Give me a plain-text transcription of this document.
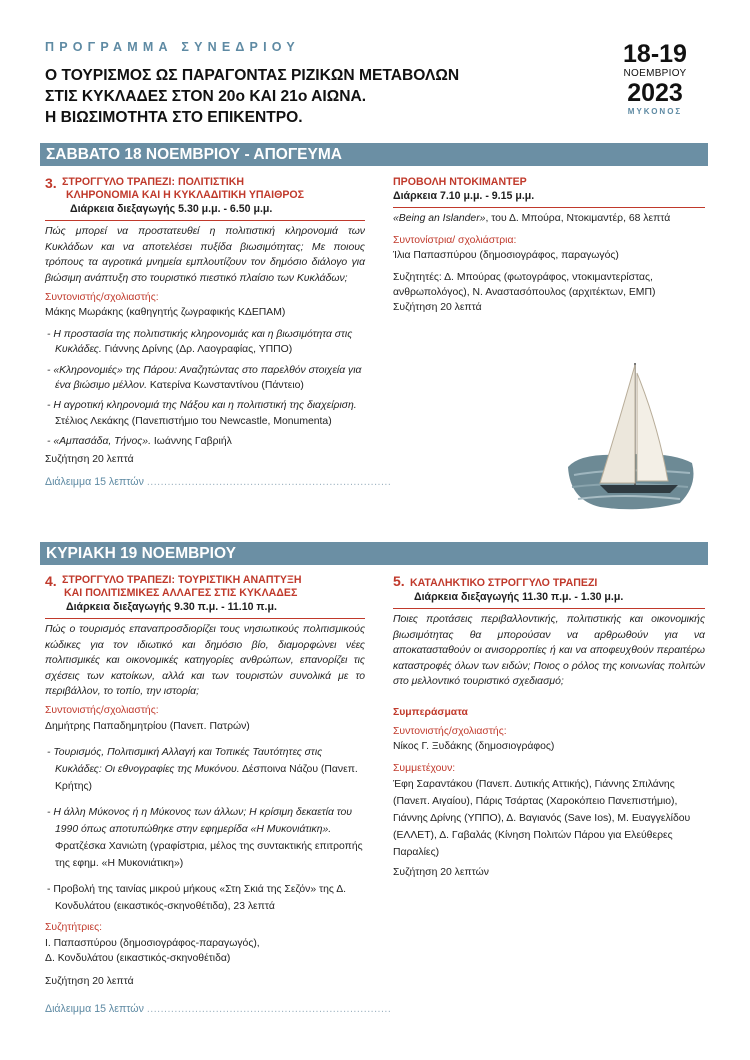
ΠΡΟΓΡΑΜΜΑ ΣΥΝΕΔΡΙΟΥ
Ο ΤΟΥΡΙΣΜΟΣ ΩΣ ΠΑΡΑΓΟΝΤΑΣ ΡΙΖΙΚΩΝ ΜΕΤΑΒΟΛΩΝ
ΣΤΙΣ ΚΥΚΛΑΔΕΣ ΣΤΟΝ 20ο ΚΑΙ 21ο ΑΙΩΝΑ.
Η ΒΙΩΣΙΜΟΤΗΤΑ ΣΤΟ ΕΠΙΚΕΝΤΡΟ.
18-19
ΝΟΕΜΒΡΙΟΥ
2023
ΜΥΚΟΝΟΣ
ΣΑΒΒΑΤΟ 18 ΝΟΕΜΒΡΙΟΥ - ΑΠΟΓΕΥΜΑ
3. ΣΤΡΟΓΓΥΛΟ ΤΡΑΠΕΖΙ: ΠΟΛΙΤΙΣΤΙΚΗ
ΚΛΗΡΟΝΟΜΙΑ ΚΑΙ Η ΚΥΚΛΑΔΙΤΙΚΗ ΥΠΑΙΘΡΟΣ
Διάρκεια διεξαγωγής 5.30 μ.μ. - 6.50 μ.μ.
Πώς μπορεί να προστατευθεί η πολιτιστική κληρονομιά των Κυκλάδων και να αποτελέσει πυξίδα βιωσιμότητας; Με ποιους τρόπους τα αγροτικά μνημεία εμπλουτίζουν τον δημόσιο διάλογο για βιώσιμη ανάπτυξη στο τουριστικό πιεστικό πλαίσιο των Κυκλάδων;
Συντονιστής/σχολιαστής:
Μάκης Μωράκης (καθηγητής ζωγραφικής ΚΔΕΠΑΜ)
- Η προστασία της πολιτιστικής κληρονομιάς και η βιωσιμότητα στις Κυκλάδες. Γιάννης Δρίνης (Δρ. Λαογραφίας, ΥΠΠΟ)
- «Κληρονομιές» της Πάρου: Αναζητώντας στο παρελθόν στοιχεία για ένα βιώσιμο μέλλον. Κατερίνα Κωνσταντίνου (Πάντειο)
- Η αγροτική κληρονομιά της Νάξου και η πολιτιστική της διαχείριση. Στέλιος Λεκάκης (Πανεπιστήμιο του Newcastle, Monumenta)
- «Αμπασάδα, Τήνος». Ιωάννης Γαβριήλ
Συζήτηση 20 λεπτά
Διάλειμμα 15 λεπτών .......................................................................
ΠΡΟΒΟΛΗ ΝΤΟΚΙΜΑΝΤΕΡ
Διάρκεια 7.10 μ.μ. - 9.15 μ.μ.
«Being an Islander», του Δ. Μπούρα, Ντοκιμαντέρ, 68 λεπτά
Συντονίστρια/ σχολιάστρια:
Ίλια Παπασπύρου (δημοσιογράφος, παραγωγός)
Συζητητές: Δ. Μπούρας (φωτογράφος, ντοκιμαντερίστας, ανθρωπολόγος), Ν. Αναστασόπουλος (αρχιτέκτων, ΕΜΠ)
Συζήτηση 20 λεπτά
ΚΥΡΙΑΚΗ 19 ΝΟΕΜΒΡΙΟΥ
4. ΣΤΡΟΓΓΥΛΟ ΤΡΑΠΕΖΙ: ΤΟΥΡΙΣΤΙΚΗ ΑΝΑΠΤΥΞΗ
ΚΑΙ ΠΟΛΙΤΙΣΜΙΚΕΣ ΑΛΛΑΓΕΣ ΣΤΙΣ ΚΥΚΛΑΔΕΣ
Διάρκεια διεξαγωγής 9.30 π.μ. - 11.10 π.μ.
Πώς ο τουρισμός επαναπροσδιορίζει τους νησιωτικούς πολιτισμικούς κώδικες για τον ιδιωτικό και δημόσιο βίο, διαμορφώνει νέες πολιτισμικές και οικονομικές κατηγορίες ανθρώπων, επανορίζει τις σχέσεις των κατοίκων, αλλά και των τουριστών συνολικά με το περιβάλλον, το τοπίο, την ιστορία;
Συντονιστής/σχολιαστής:
Δημήτρης Παπαδημητρίου (Πανεπ. Πατρών)
- Τουρισμός, Πολιτισμική Αλλαγή και Τοπικές Ταυτότητες στις Κυκλάδες: Οι εθνογραφίες της Μυκόνου. Δέσποινα Νάζου (Πανεπ. Κρήτης)
- Η άλλη Μύκονος ή η Μύκονος των άλλων; Η κρίσιμη δεκαετία του 1990 όπως αποτυπώθηκε στην εφημερίδα «Η Μυκονιάτικη». Φρατζέσκα Χανιώτη (γραφίστρια, μέλος της συντακτικής επιτροπής της εφημ. «Η Μυκονιάτικη»)
- Προβολή της ταινίας μικρού μήκους «Στη Σκιά της Σεζόν» της Δ. Κονδυλάτου (εικαστικός-σκηνοθέτιδα), 23 λεπτά
Συζητήτριες:
Ι. Παπασπύρου (δημοσιογράφος-παραγωγός),
Δ. Κονδυλάτου (εικαστικός-σκηνοθέτιδα)
Συζήτηση 20 λεπτά
Διάλειμμα 15 λεπτών .......................................................................
5. ΚΑΤΑΛΗΚΤΙΚΟ ΣΤΡΟΓΓΥΛΟ ΤΡΑΠΕΖΙ
Διάρκεια διεξαγωγής 11.30 π.μ. - 1.30 μ.μ.
Ποιες προτάσεις περιβαλλοντικής, πολιτιστικής και οικονομικής βιωσιμότητας θα μπορούσαν να αρθρωθούν για να αποκατασταθούν οι ανισορροπίες ή και να αποφευχθούν περαιτέρω καταστροφές όλων των ειδών; Ποιος ο ρόλος της κοινωνίας πολιτών στο μελλοντικό τουριστικό σχεδιασμό;
Συμπεράσματα
Συντονιστής/σχολιαστής:
Νίκος Γ. Ξυδάκης (δημοσιογράφος)
Συμμετέχουν:
Έφη Σαραντάκου (Πανεπ. Δυτικής Αττικής), Γιάννης Σπιλάνης (Πανεπ. Αιγαίου), Πάρις Τσάρτας (Χαροκόπειο Πανεπιστήμιο), Γιάννης Δρίνης (ΥΠΠΟ), Δ. Βαγιανός (Save Ios), Μ. Ευαγγελίδου (ΕΛΛΕΤ), Δ. Γαβαλάς (Κίνηση Πολιτών Πάρου για Ελεύθερες Παραλίες)
Συζήτηση 20 λεπτών
